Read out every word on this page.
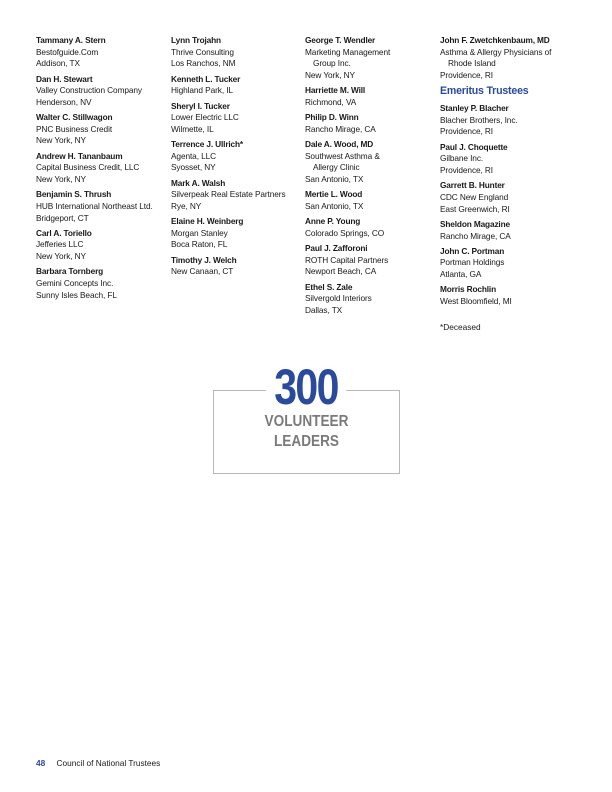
Tammany A. Stern
Bestofguide.Com
Addison, TX
Dan H. Stewart
Valley Construction Company
Henderson, NV
Walter C. Stillwagon
PNC Business Credit
New York, NY
Andrew H. Tananbaum
Capital Business Credit, LLC
New York, NY
Benjamin S. Thrush
HUB International Northeast Ltd.
Bridgeport, CT
Carl A. Toriello
Jefferies LLC
New York, NY
Barbara Tornberg
Gemini Concepts Inc.
Sunny Isles Beach, FL
Lynn Trojahn
Thrive Consulting
Los Ranchos, NM
Kenneth L. Tucker
Highland Park, IL
Sheryl I. Tucker
Lower Electric LLC
Wilmette, IL
Terrence J. Ullrich*
Agenta, LLC
Syosset, NY
Mark A. Walsh
Silverpeak Real Estate Partners
Rye, NY
Elaine H. Weinberg
Morgan Stanley
Boca Raton, FL
Timothy J. Welch
New Canaan, CT
George T. Wendler
Marketing Management
Group Inc.
New York, NY
Harriette M. Will
Richmond, VA
Philip D. Winn
Rancho Mirage, CA
Dale A. Wood, MD
Southwest Asthma &
Allergy Clinic
San Antonio, TX
Mertie L. Wood
San Antonio, TX
Anne P. Young
Colorado Springs, CO
Paul J. Zafforoni
ROTH Capital Partners
Newport Beach, CA
Ethel S. Zale
Silvergold Interiors
Dallas, TX
John F. Zwetchkenbaum, MD
Asthma & Allergy Physicians of
Rhode Island
Providence, RI
Emeritus Trustees
Stanley P. Blacher
Blacher Brothers, Inc.
Providence, RI
Paul J. Choquette
Gilbane Inc.
Providence, RI
Garrett B. Hunter
CDC New England
East Greenwich, RI
Sheldon Magazine
Rancho Mirage, CA
John C. Portman
Portman Holdings
Atlanta, GA
Morris Rochlin
West Bloomfield, MI
*Deceased
300
VOLUNTEER
LEADERS
48 Council of National Trustees
